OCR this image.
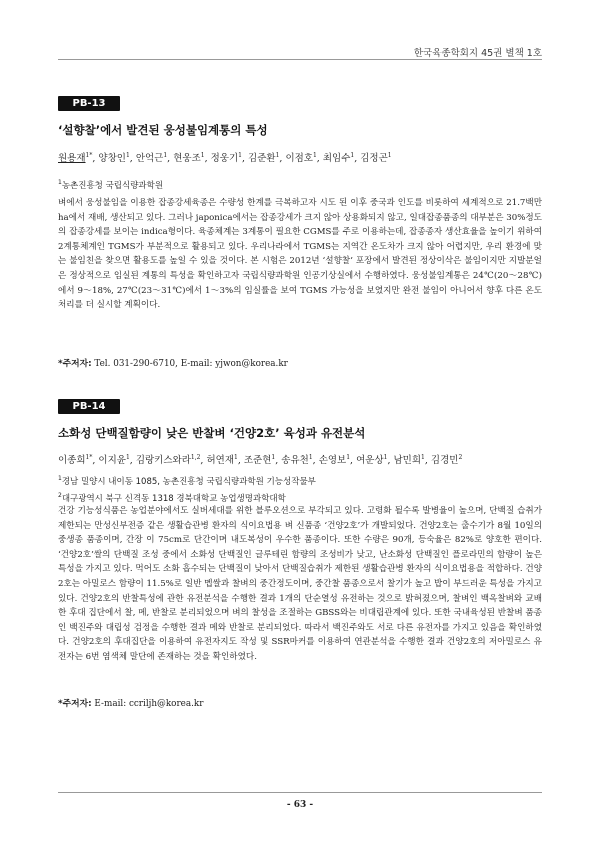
한국육종학회지 45권 별책 1호
PB-13
‘설향찰’에서 발견된 웅성불임계통의 특성
원용재$^{1*}$, 양창인$^1$, 안억근$^1$, 현웅조$^1$, 정웅기$^1$, 김준환$^1$, 이점호$^1$, 최임수$^1$, 김정곤$^1$
$^1$농촌진흥청 국립식량과학원

벼에서 웅성불임을 이용한 잡종강세육종은 수량성 한계를 극복하고자 시도 된 이후 중국과 인도를 비롯하여 세계적으로 21.7백만ha에서 재배, 생산되고 있다. 그러나 japonica에서는 잡종강세가 크지 않아 상용화되지 않고, 일대잡종품종의 대부분은 30%정도의 잡종강세를 보이는 indica형이다. 육종체계는 3계통이 필요한 CGMS를 주로 이용하는데, 잡종종자 생산효율을 높이기 위하여 2계통체계인 TGMS가 부분적으로 활용되고 있다. 우리나라에서 TGMS는 지역간 온도차가 크지 않아 어렵지만, 우리 환경에 맞는 불임친을 찾으면 활용도를 높일 수 있을 것이다. 본 시험은 2012년 ‘설향찰’ 포장에서 발견된 정상이삭은 불임이지만 지발분얼은 정상적으로 임실된 계통의 특성을 확인하고자 국립식량과학원 인공기상실에서 수행하였다. 웅성불임계통은 24℃(20～28℃)에서 9～18%, 27℃(23～31℃)에서 1～3%의 임실률을 보여 TGMS 가능성을 보였지만 완전 불임이 아니어서 향후 다른 온도처리를 더 실시할 계획이다.

*주저자: Tel. 031-290-6710, E-mail: yjwon@korea.kr
PB-14
소화성 단백질함량이 낮은 반찰벼 ‘건양2호’ 육성과 유전분석
이종희$^{1*}$, 이지윤$^1$, 김랑키스와라$^{1,2}$, 허연재$^1$, 조준현$^1$, 송유천$^1$, 손영보$^1$, 여운상$^1$, 남민희$^1$, 김경민$^2$
$^1$경남 밀양시 내이동 1085, 농촌진흥청 국립식량과학원 기능성작물부
$^2$대구광역시 북구 신격동 1318 경북대학교 농업생명과학대학

건강 기능성식품은 농업분야에서도 실버세대를 위한 블루오션으로 부각되고 있다. 고령화 될수록 발병율이 높으며, 단백질 습취가 제한되는 만성신부전증 같은 생활습관병 환자의 식이요법용 벼 신품종 ‘건양2호’가 개발되었다. 건양2호는 출수기가 8월 10일의 중생종 품종이며, 간장 이 75cm로 단간이며 내도복성이 우수한 품종이다. 또한 수량은 90개, 등숙율은 82%로 양호한 편이다. ‘건양2호’쌀의 단백질 조성 중에서 소화성 단백질인 글루테린 함량의 조성비가 낮고, 난소화성 단백질인 플로라민의 함량이 높은 특성을 가지고 있다. 먹어도 소화 흡수되는 단백질이 낮아서 단백질습취가 제한된 생활습관병 환자의 식이요법용을 적합하다. 건양2호는 아밀로스 함량이 11.5%로 일반 멥쌀과 찰벼의 중간정도이며, 중간찰 품종으로서 찰기가 높고 밥이 부드러운 특성을 가지고 있다. 건양2호의 반찰특성에 관한 유전분석을 수행한 결과 1개의 단순열성 유전하는 것으로 밝혀졌으며, 찰벼인 백옥찰벼와 교배한 후대 집단에서 찰, 메, 반찰로 분리되었으며 벼의 찰성을 조절하는 GBSS와는 비대립관계에 있다. 또한 국내육성된 반찰벼 품종인 백진주와 대립성 검정을 수행한 결과 메와 반찰로 분리되었다. 따라서 백진주와도 서로 다른 유전자를 가지고 있음을 확인하였다. 건양2호의 후대집단을 이용하여 유전자지도 작성 및 SSR마커를 이용하여 연관분석을 수행한 결과 건양2호의 저아밀로스 유전자는 6번 염색체 말단에 존재하는 것을 확인하였다.

*주저자: E-mail: ccriljh@korea.kr
- 63 -
